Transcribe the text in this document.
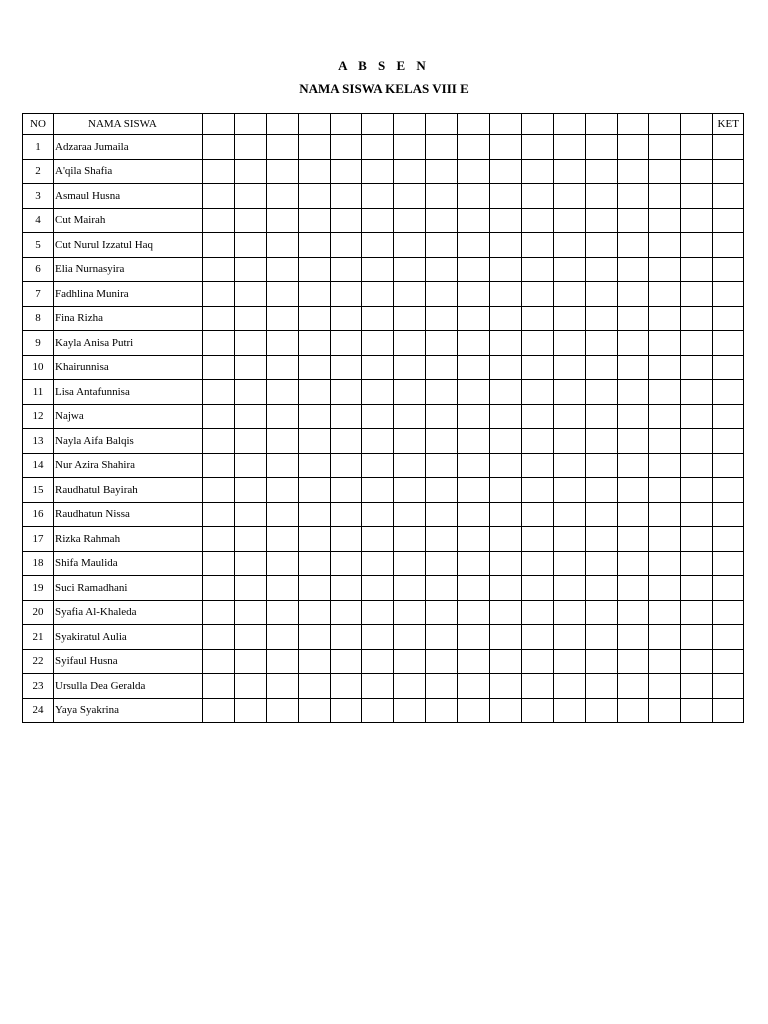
A B S E N
NAMA SISWA KELAS VIII E
NO	NAMA SISWA																	KET
1	Adzaraa Jumaila																	
2	A'qila Shafia																	
3	Asmaul Husna																	
4	Cut Mairah																	
5	Cut Nurul Izzatul Haq																	
6	Elia Nurnasyira																	
7	Fadhlina Munira																	
8	Fina Rizha																	
9	Kayla Anisa Putri																	
10	Khairunnisa																	
11	Lisa Antafunnisa																	
12	Najwa																	
13	Nayla Aifa Balqis																	
14	Nur Azira Shahira																	
15	Raudhatul Bayirah																	
16	Raudhatun Nissa																	
17	Rizka Rahmah																	
18	Shifa Maulida																	
19	Suci Ramadhani																	
20	Syafia Al-Khaleda																	
21	Syakiratul Aulia																	
22	Syifaul Husna																	
23	Ursulla Dea Geralda																	
24	Yaya Syakrina																	
